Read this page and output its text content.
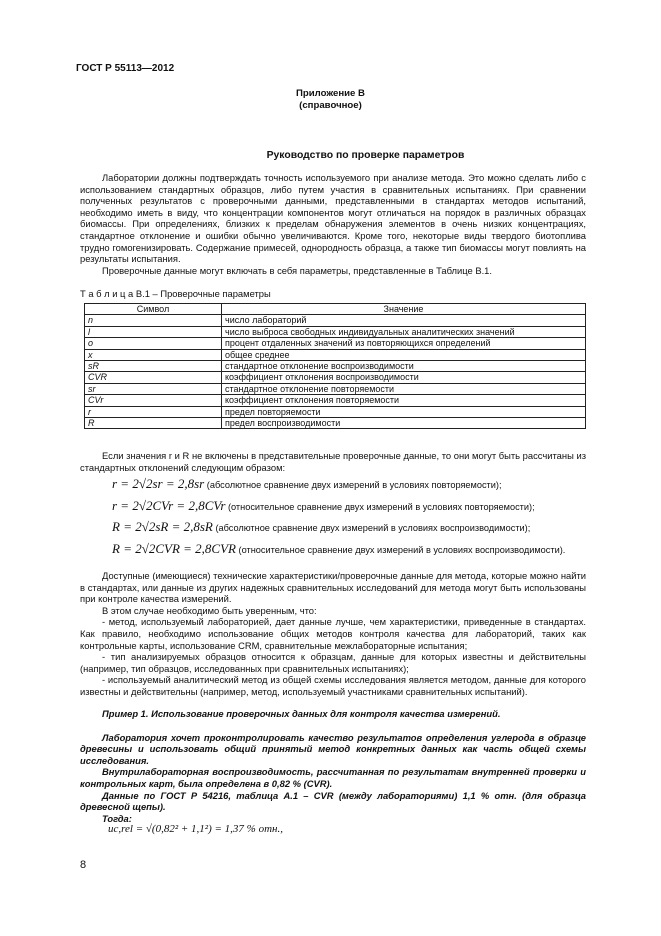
ГОСТ Р 55113—2012
Приложение В
(справочное)
Руководство по проверке параметров

Лаборатории должны подтверждать точность используемого при анализе метода. Это можно сделать либо с использованием стандартных образцов, либо путем участия в сравнительных испытаниях. При сравнении полученных результатов с проверочными данными, представленными в стандартах методов испытаний, необходимо иметь в виду, что концентрации компонентов могут отличаться на порядок в различных образцах биомассы. При определениях, близких к пределам обнаружения элементов в очень низких концентрациях, стандартное отклонение и ошибки обычно увеличиваются. Кроме того, некоторые виды твердого биотоплива трудно гомогенизировать. Содержание примесей, однородность образца, а также тип биомассы могут повлиять на результаты испытания.

Проверочные данные могут включать в себя параметры, представленные в Таблице В.1.

Т а б л и ц а В.1 – Проверочные параметры
Символ	Значение
n	число лабораторий
l	число выброса свободных индивидуальных аналитических значений
o	процент отдаленных значений из повторяющихся определений
x	общее среднее
sR	стандартное отклонение воспроизводимости
CVR	коэффициент отклонения воспроизводимости
sr	стандартное отклонение повторяемости
CVr	коэффициент отклонения повторяемости
r	предел повторяемости
R	предел воспроизводимости

Если значения r и R не включены в представительные проверочные данные, то они могут быть рассчитаны из стандартных отклонений следующим образом:

r = 2√2sr = 2,8sr (абсолютное сравнение двух измерений в условиях повторяемости);
r = 2√2CVr = 2,8CVr (относительное сравнение двух измерений в условиях повторяемости);
R = 2√2sR = 2,8sR (абсолютное сравнение двух измерений в условиях воспроизводимости);
R = 2√2CVR = 2,8CVR (относительное сравнение двух измерений в условиях воспроизводимости).

Доступные (имеющиеся) технические характеристики/проверочные данные для метода, которые можно найти в стандартах, или данные из других надежных сравнительных исследований для метода могут быть использованы при контроле качества измерений.

В этом случае необходимо быть уверенным, что:

- метод, используемый лабораторией, дает данные лучше, чем характеристики, приведенные в стандартах. Как правило, необходимо использование общих методов контроля качества для лабораторий, таких как контрольные карты, использование CRM, сравнительные межлабораторные испытания;

- тип анализируемых образцов относится к образцам, данные для которых известны и действительны (например, тип образцов, исследованных при сравнительных испытаниях);

- используемый аналитический метод из общей схемы исследования является методом, данные для которого известны и действительны (например, метод, используемый участниками сравнительных испытаний).

Пример 1. Использование проверочных данных для контроля качества измерений.

Лаборатория хочет проконтролировать качество результатов определения углерода в образце древесины и использовать общий принятый метод конкретных данных как часть общей схемы исследования.

Внутрилабораторная воспроизводимость, рассчитанная по результатам внутренней проверки и контрольных карт, была определена в 0,82 % (CVR).

Данные по ГОСТ Р 54216, таблица А.1 – CVR (между лабораториями) 1,1 % отн. (для образца древесной щепы).

Тогда:

uc,rel = √(0,82² + 1,1²) = 1,37 % отн.,
8
